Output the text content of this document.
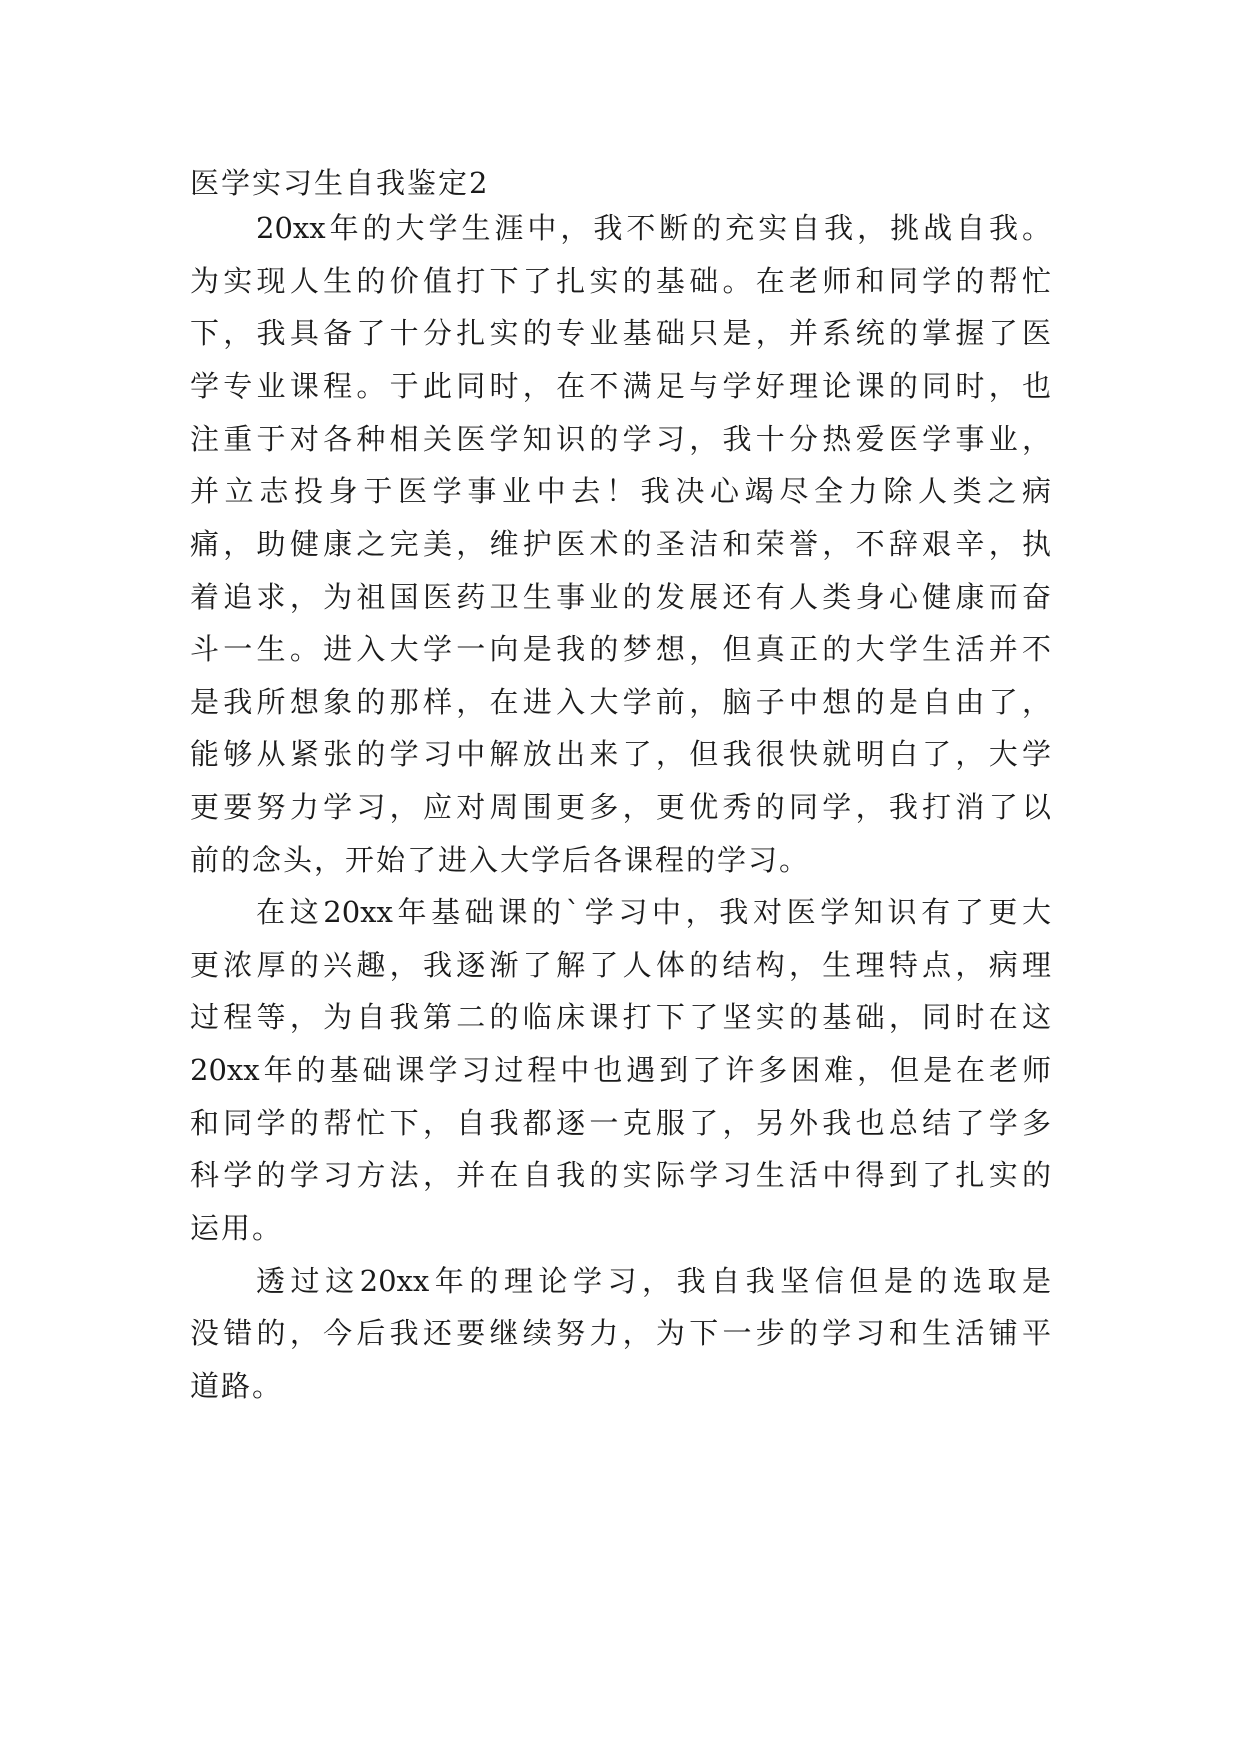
医学实习生自我鉴定2
20xx年的大学生涯中，我不断的充实自我，挑战自我。
为实现人生的价值打下了扎实的基础。在老师和同学的帮忙
下，我具备了十分扎实的专业基础只是，并系统的掌握了医
学专业课程。于此同时，在不满足与学好理论课的同时，也
注重于对各种相关医学知识的学习，我十分热爱医学事业，
并立志投身于医学事业中去！我决心竭尽全力除人类之病
痛，助健康之完美，维护医术的圣洁和荣誉，不辞艰辛，执
着追求，为祖国医药卫生事业的发展还有人类身心健康而奋
斗一生。进入大学一向是我的梦想，但真正的大学生活并不
是我所想象的那样，在进入大学前，脑子中想的是自由了，
能够从紧张的学习中解放出来了，但我很快就明白了，大学
更要努力学习，应对周围更多，更优秀的同学，我打消了以
前的念头，开始了进入大学后各课程的学习。
在这20xx年基础课的`学习中，我对医学知识有了更大
更浓厚的兴趣，我逐渐了解了人体的结构，生理特点，病理
过程等，为自我第二的临床课打下了坚实的基础，同时在这
20xx年的基础课学习过程中也遇到了许多困难，但是在老师
和同学的帮忙下，自我都逐一克服了，另外我也总结了学多
科学的学习方法，并在自我的实际学习生活中得到了扎实的
运用。
透过这20xx年的理论学习，我自我坚信但是的选取是
没错的，今后我还要继续努力，为下一步的学习和生活铺平
道路。
